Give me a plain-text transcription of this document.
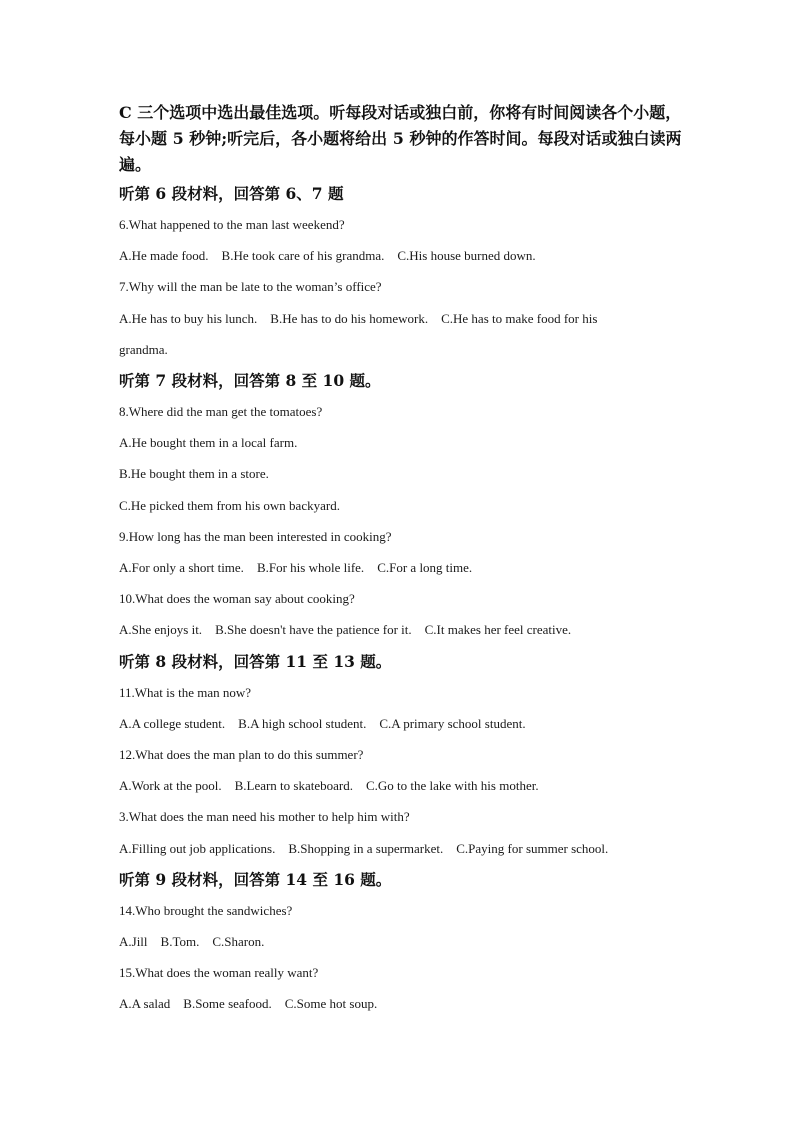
C 三个选项中选出最佳选项。听每段对话或独白前，你将有时间阅读各个小题，
每小题 5 秒钟;听完后，各小题将给出 5 秒钟的作答时间。每段对话或独白读两
遍。
听第 6 段材料，回答第 6、7 题
6.What happened to the man last weekend?
A.He made food. B.He took care of his grandma. C.His house burned down.
7.Why will the man be late to the woman’s office?
A.He has to buy his lunch. B.He has to do his homework. C.He has to make food for his
grandma.
听第 7 段材料，回答第 8 至 10 题。
8.Where did the man get the tomatoes?
A.He bought them in a local farm.
B.He bought them in a store.
C.He picked them from his own backyard.
9.How long has the man been interested in cooking?
A.For only a short time. B.For his whole life. C.For a long time.
10.What does the woman say about cooking?
A.She enjoys it. B.She doesn't have the patience for it. C.It makes her feel creative.
听第 8 段材料，回答第 11 至 13 题。
11.What is the man now?
A.A college student. B.A high school student. C.A primary school student.
12.What does the man plan to do this summer?
A.Work at the pool. B.Learn to skateboard. C.Go to the lake with his mother.
3.What does the man need his mother to help him with?
A.Filling out job applications. B.Shopping in a supermarket. C.Paying for summer school.
听第 9 段材料，回答第 14 至 16 题。
14.Who brought the sandwiches?
A.Jill B.Tom. C.Sharon.
15.What does the woman really want?
A.A salad B.Some seafood. C.Some hot soup.
